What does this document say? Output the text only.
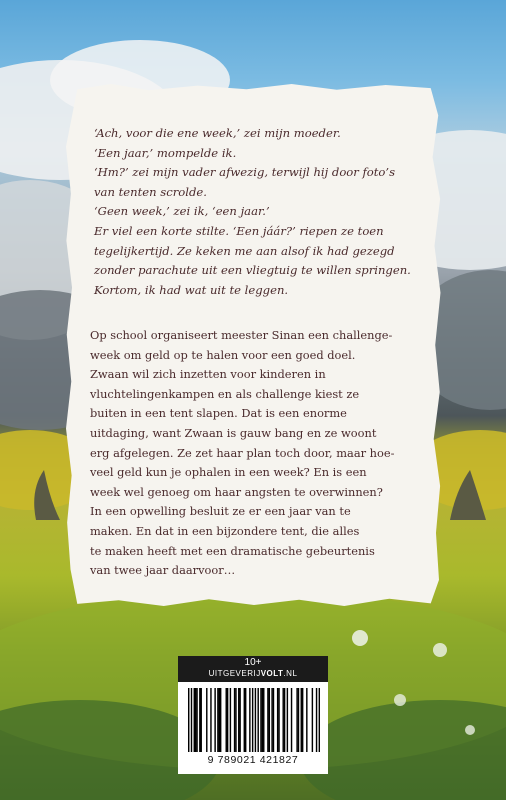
‘Ach, voor die ene week,’ zei mijn moeder.
‘Een jaar,’ mompelde ik.
‘Hm?’ zei mijn vader afwezig, terwijl hij door foto’s
van tenten scrolde.
‘Geen week,’ zei ik, ‘een jaar.’
Er viel een korte stilte. ‘Een jáár?’ riepen ze toen
tegelijkertijd. Ze keken me aan alsof ik had gezegd
zonder parachute uit een vliegtuig te willen springen.
Kortom, ik had wat uit te leggen.
Op school organiseert meester Sinan een challenge-
week om geld op te halen voor een goed doel.
Zwaan wil zich inzetten voor kinderen in
vluchtelingenkampen en als challenge kiest ze
buiten in een tent slapen. Dat is een enorme
uitdaging, want Zwaan is gauw bang en ze woont
erg afgelegen. Ze zet haar plan toch door, maar hoe-
veel geld kun je ophalen in een week? En is een
week wel genoeg om haar angsten te overwinnen?
In een opwelling besluit ze er een jaar van te
maken. En dat in een bijzondere tent, die alles
te maken heeft met een dramatische gebeurtenis
van twee jaar daarvoor…
10+
UITGEVERIJVOLT.NL
9 789021 421827
